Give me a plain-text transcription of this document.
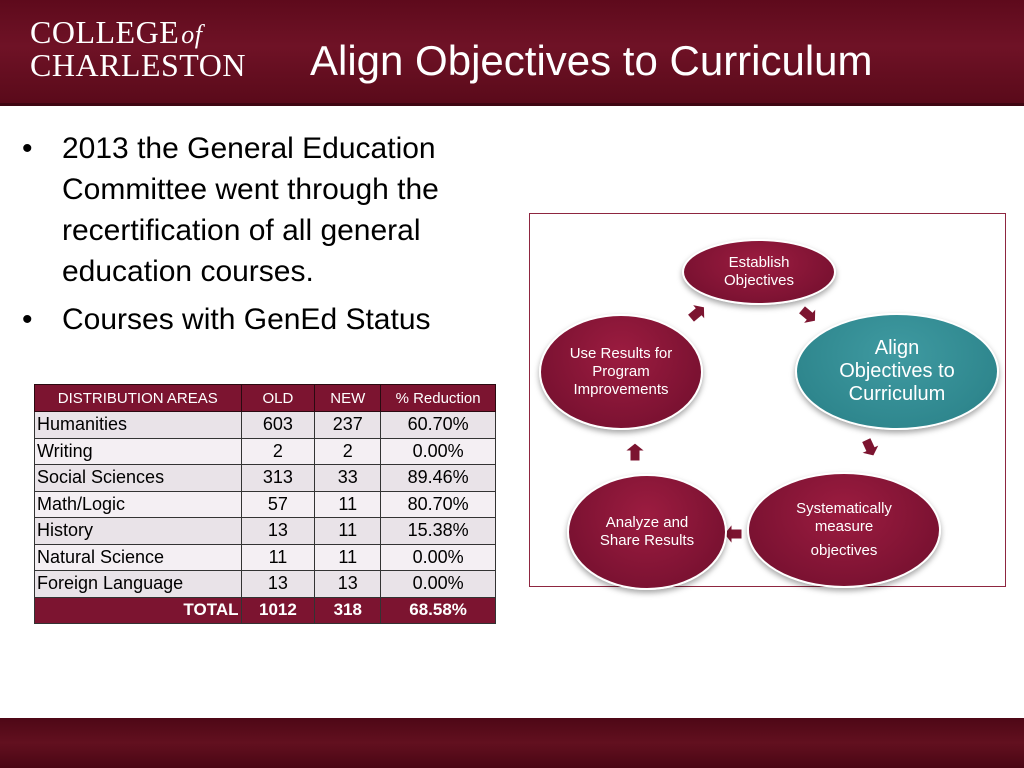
COLLEGEof
CHARLESTON Align Objectives to Curriculum
• 2013 the General Education Committee went through the recertification of all general education courses.
• Courses with GenEd Status
DISTRIBUTION AREAS	OLD	NEW	% Reduction
Humanities	603	237	60.70%
Writing	2	2	0.00%
Social Sciences	313	33	89.46%
Math/Logic	57	11	80.70%
History	13	11	15.38%
Natural Science	11	11	0.00%
Foreign Language	13	13	0.00%
TOTAL	1012	318	68.58%
Establish Objectives
Align Objectives to Curriculum
Systematically measure
objectives
Analyze and Share Results
Use Results for Program Improvements
